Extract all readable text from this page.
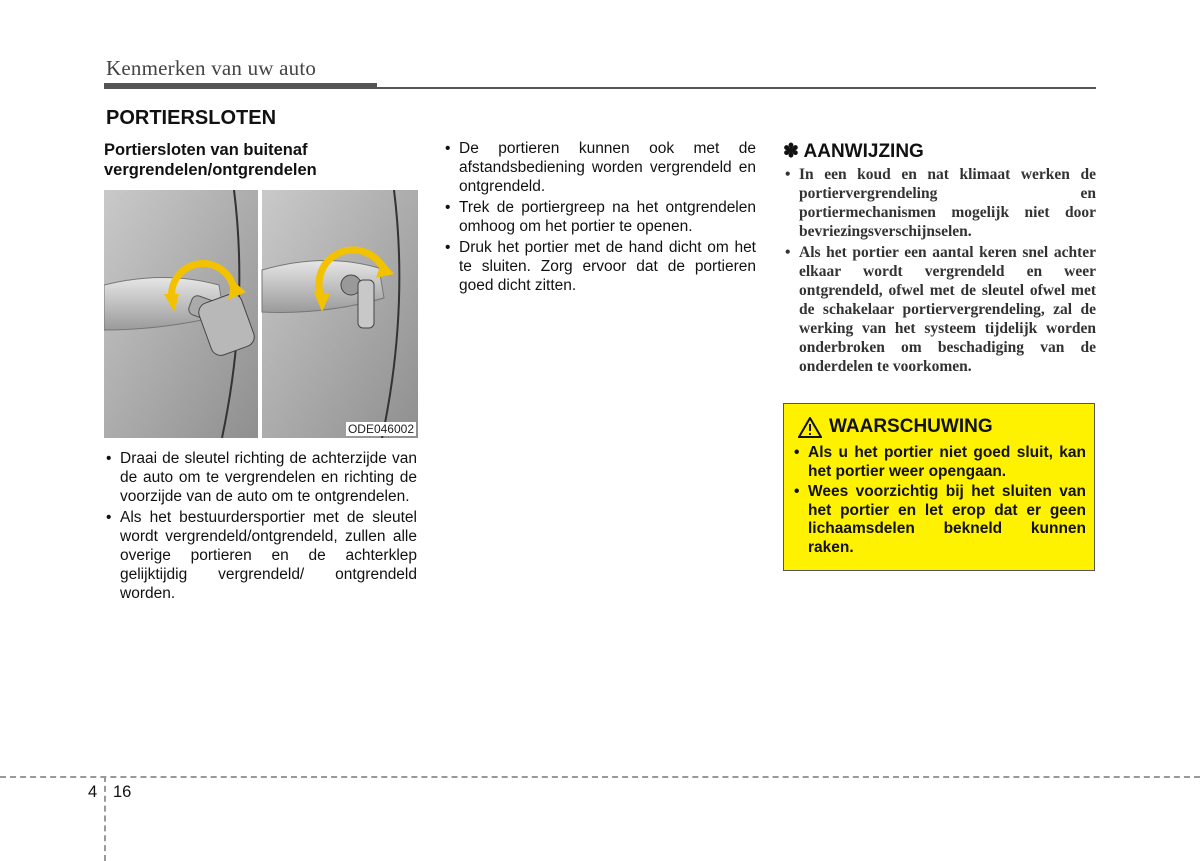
Kenmerken van uw auto
PORTIERSLOTEN
Portiersloten van buitenaf vergrendelen/ontgrendelen
ODE046002
• Draai de sleutel richting de achterzijde van de auto om te vergrendelen en richting de voorzijde van de auto om te ontgrendelen.
• Als het bestuurdersportier met de sleutel wordt vergrendeld/ontgrendeld, zullen alle overige portieren en de achterklep gelijktijdig vergrendeld/ ontgrendeld worden.
• De portieren kunnen ook met de afstandsbediening worden vergrendeld en ontgrendeld.
• Trek de portiergreep na het ontgrendelen omhoog om het portier te openen.
• Druk het portier met de hand dicht om het te sluiten. Zorg ervoor dat de portieren goed dicht zitten.
✽ AANWIJZING
• In een koud en nat klimaat werken de portiervergrendeling en portiermechanismen mogelijk niet door bevriezingsverschijnselen.
• Als het portier een aantal keren snel achter elkaar wordt vergrendeld en weer ontgrendeld, ofwel met de sleutel ofwel met de schakelaar portiervergrendeling, zal de werking van het systeem tijdelijk worden onderbroken om beschadiging van de onderdelen te voorkomen.
WAARSCHUWING
• Als u het portier niet goed sluit, kan het portier weer opengaan.
• Wees voorzichtig bij het sluiten van het portier en let erop dat er geen lichaamsdelen bekneld kunnen raken.
4 16
